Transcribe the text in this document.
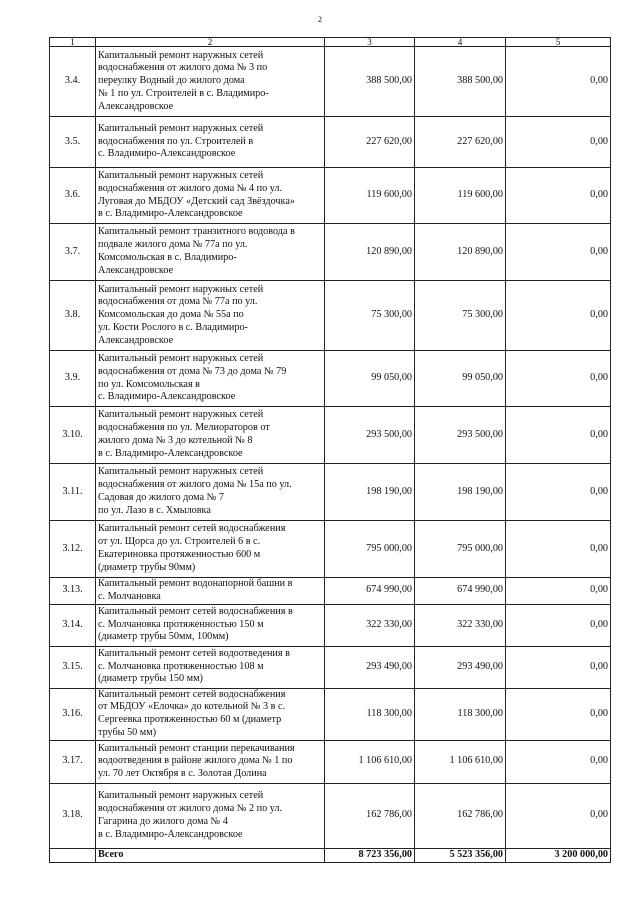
2
1	2	3	4	5
3.4.	Капитальный ремонт наружных сетей
водоснабжения от жилого дома № 3 по
переулку Водный до жилого дома
№ 1 по ул. Строителей в с. Владимиро-
Александровское	388 500,00	388 500,00	0,00
3.5.	Капитальный ремонт наружных сетей
водоснабжения по ул. Строителей в
с. Владимиро-Александровское	227 620,00	227 620,00	0,00
3.6.	Капитальный ремонт наружных сетей
водоснабжения от жилого дома № 4 по ул.
Луговая до МБДОУ «Детский сад Звёздочка»
в с. Владимиро-Александровское	119 600,00	119 600,00	0,00
3.7.	Капитальный ремонт транзитного водовода в
подвале жилого дома № 77а по ул.
Комсомольская в с. Владимиро-
Александровское	120 890,00	120 890,00	0,00
3.8.	Капитальный ремонт наружных сетей
водоснабжения от дома № 77а по ул.
Комсомольская до дома № 55а по
ул. Кости Рослого в с. Владимиро-
Александровское	75 300,00	75 300,00	0,00
3.9.	Капитальный ремонт наружных сетей
водоснабжения от дома № 73 до дома № 79
по ул. Комсомольская в
с. Владимиро-Александровское	99 050,00	99 050,00	0,00
3.10.	Капитальный ремонт наружных сетей
водоснабжения по ул. Мелиораторов от
жилого дома № 3 до котельной № 8
в с. Владимиро-Александровское	293 500,00	293 500,00	0,00
3.11.	Капитальный ремонт наружных сетей
водоснабжения от жилого дома № 15а по ул.
Садовая до жилого дома № 7
по ул. Лазо в с. Хмыловка	198 190,00	198 190,00	0,00
3.12.	Капитальный ремонт сетей водоснабжения
от ул. Щорса до ул. Строителей 6 в с.
Екатериновка протяженностью 600 м
(диаметр трубы 90мм)	795 000,00	795 000,00	0,00
3.13.	Капитальный ремонт водонапорной башни в
с. Молчановка	674 990,00	674 990,00	0,00
3.14.	Капитальный ремонт сетей водоснабжения в
с. Молчановка протяженностью 150 м
(диаметр трубы 50мм, 100мм)	322 330,00	322 330,00	0,00
3.15.	Капитальный ремонт сетей водоотведения в
с. Молчановка протяженностью 108 м
(диаметр трубы 150 мм)	293 490,00	293 490,00	0,00
3.16.	Капитальный ремонт сетей водоснабжения
от МБДОУ «Елочка» до котельной № 3 в с.
Сергеевка протяженностью 60 м (диаметр
трубы 50 мм)	118 300,00	118 300,00	0,00
3.17.	Капитальный ремонт станции перекачивания
водоотведения в районе жилого дома № 1 по
ул. 70 лет Октября в с. Золотая Долина	1 106 610,00	1 106 610,00	0,00
3.18.	Капитальный ремонт наружных сетей
водоснабжения от жилого дома № 2 по ул.
Гагарина до жилого дома № 4
в с. Владимиро-Александровское	162 786,00	162 786,00	0,00
	Всего	8 723 356,00	5 523 356,00	3 200 000,00
